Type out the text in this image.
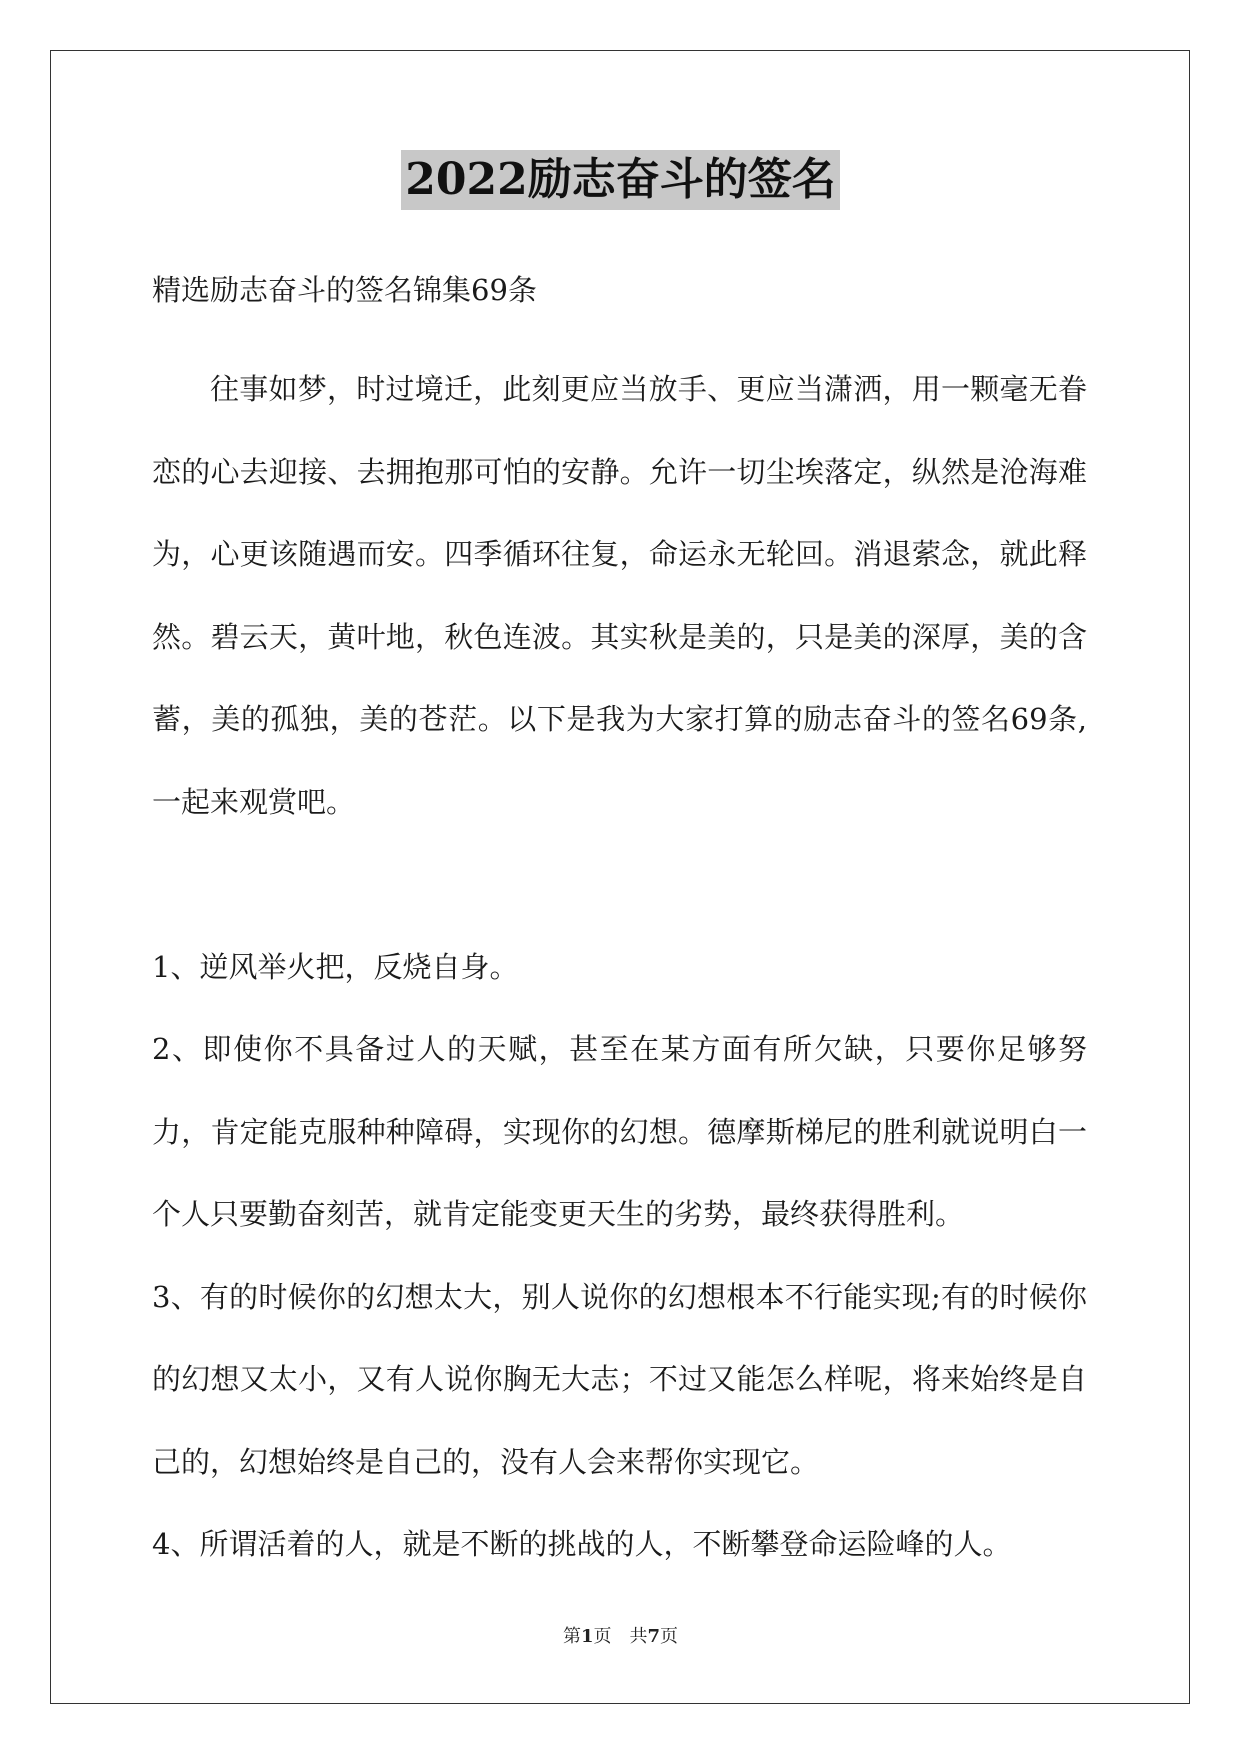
2022励志奋斗的签名
精选励志奋斗的签名锦集69条

往事如梦，时过境迁，此刻更应当放手、更应当潇洒，用一颗毫无眷恋的心去迎接、去拥抱那可怕的安静。允许一切尘埃落定，纵然是沧海难为，心更该随遇而安。四季循环往复，命运永无轮回。消退萦念，就此释然。碧云天，黄叶地，秋色连波。其实秋是美的，只是美的深厚，美的含蓄，美的孤独，美的苍茫。以下是我为大家打算的励志奋斗的签名69条,一起来观赏吧。

1、逆风举火把，反烧自身。

2、即使你不具备过人的天赋，甚至在某方面有所欠缺，只要你足够努力，肯定能克服种种障碍，实现你的幻想。德摩斯梯尼的胜利就说明白一个人只要勤奋刻苦，就肯定能变更天生的劣势，最终获得胜利。

3、有的时候你的幻想太大，别人说你的幻想根本不行能实现;有的时候你的幻想又太小，又有人说你胸无大志；不过又能怎么样呢，将来始终是自己的，幻想始终是自己的，没有人会来帮你实现它。

4、所谓活着的人，就是不断的挑战的人，不断攀登命运险峰的人。

第1页　共7页
